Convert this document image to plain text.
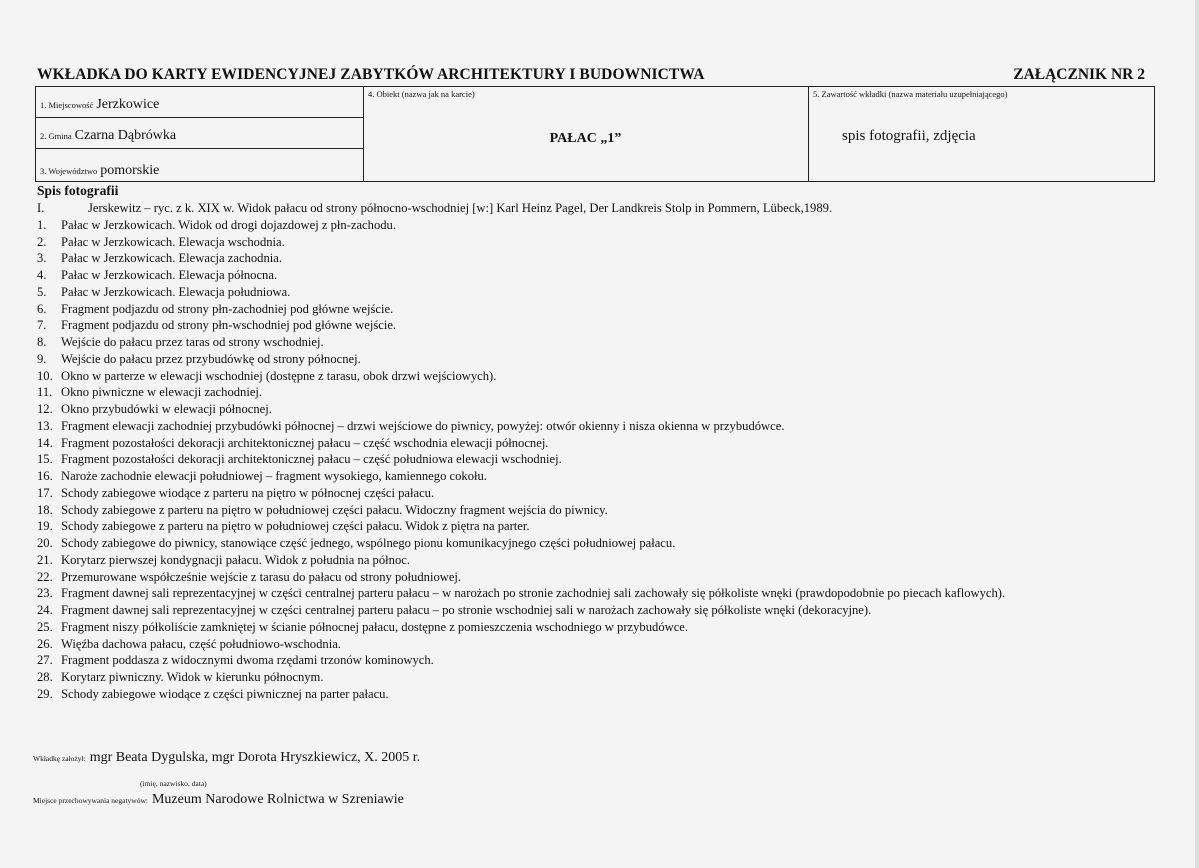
WKŁADKA DO KARTY EWIDENCYJNEJ ZABYTKÓW ARCHITEKTURY I BUDOWNICTWA	ZAŁĄCZNIK NR 2
1. Miejscowość Jerzkowice
2. Gmina Czarna Dąbrówka
3. Województwo pomorskie
4. Obiekt (nazwa jak na karcie)
PAŁAC „1”
5. Zawartość wkładki (nazwa materiału uzupełniającego)
spis fotografii, zdjęcia
Spis fotografii
I.	Jerskewitz – ryc. z k. XIX w. Widok pałacu od strony północno-wschodniej [w:] Karl Heinz Pagel, Der Landkreis Stolp in Pommern, Lübeck,1989.
1. Pałac w Jerzkowicach. Widok od drogi dojazdowej z płn-zachodu.
2. Pałac w Jerzkowicach. Elewacja wschodnia.
3. Pałac w Jerzkowicach. Elewacja zachodnia.
4. Pałac w Jerzkowicach. Elewacja północna.
5. Pałac w Jerzkowicach. Elewacja południowa.
6. Fragment podjazdu od strony płn-zachodniej pod główne wejście.
7. Fragment podjazdu od strony płn-wschodniej pod główne wejście.
8. Wejście do pałacu przez taras od strony wschodniej.
9. Wejście do pałacu przez przybudówkę od strony północnej.
10. Okno w parterze w elewacji wschodniej (dostępne z tarasu, obok drzwi wejściowych).
11. Okno piwniczne w elewacji zachodniej.
12. Okno przybudówki w elewacji północnej.
13. Fragment elewacji zachodniej przybudówki północnej – drzwi wejściowe do piwnicy, powyżej: otwór okienny i nisza okienna w przybudówce.
14. Fragment pozostałości dekoracji architektonicznej pałacu – część wschodnia elewacji północnej.
15. Fragment pozostałości dekoracji architektonicznej pałacu – część południowa elewacji wschodniej.
16. Narożе zachodnie elewacji południowej – fragment wysokiego, kamiennego cokołu.
17. Schody zabiegowe wiodące z parteru na piętro w północnej części pałacu.
18. Schody zabiegowe z parteru na piętro w południowej części pałacu. Widoczny fragment wejścia do piwnicy.
19. Schody zabiegowe z parteru na piętro w południowej części pałacu. Widok z piętra na parter.
20. Schody zabiegowe do piwnicy, stanowiące część jednego, wspólnego pionu komunikacyjnego części południowej pałacu.
21. Korytarz pierwszej kondygnacji pałacu. Widok z południa na północ.
22. Przemurowane współcześnie wejście z tarasu do pałacu od strony południowej.
23. Fragment dawnej sali reprezentacyjnej w części centralnej parteru pałacu – w narożach po stronie zachodniej sali zachowały się półkoliste wnęki (prawdopodobnie po piecach kaflowych).
24. Fragment dawnej sali reprezentacyjnej w części centralnej parteru pałacu – po stronie wschodniej sali w narożach zachowały się półkoliste wnęki (dekoracyjne).
25. Fragment niszy półkoliście zamkniętej w ścianie północnej pałacu, dostępne z pomieszczenia wschodniego w przybudówce.
26. Więźba dachowa pałacu, część południowo-wschodnia.
27. Fragment poddasza z widocznymi dwoma rzędami trzonów kominowych.
28. Korytarz piwniczny. Widok w kierunku północnym.
29. Schody zabiegowe wiodące z części piwnicznej na parter pałacu.
Wkładkę założył: mgr Beata Dygulska, mgr Dorota Hryszkiewicz, X. 2005 r.
(imię, nazwisko, data)
Miejsce przechowywania negatywów: Muzeum Narodowe Rolnictwa w Szreniawie
